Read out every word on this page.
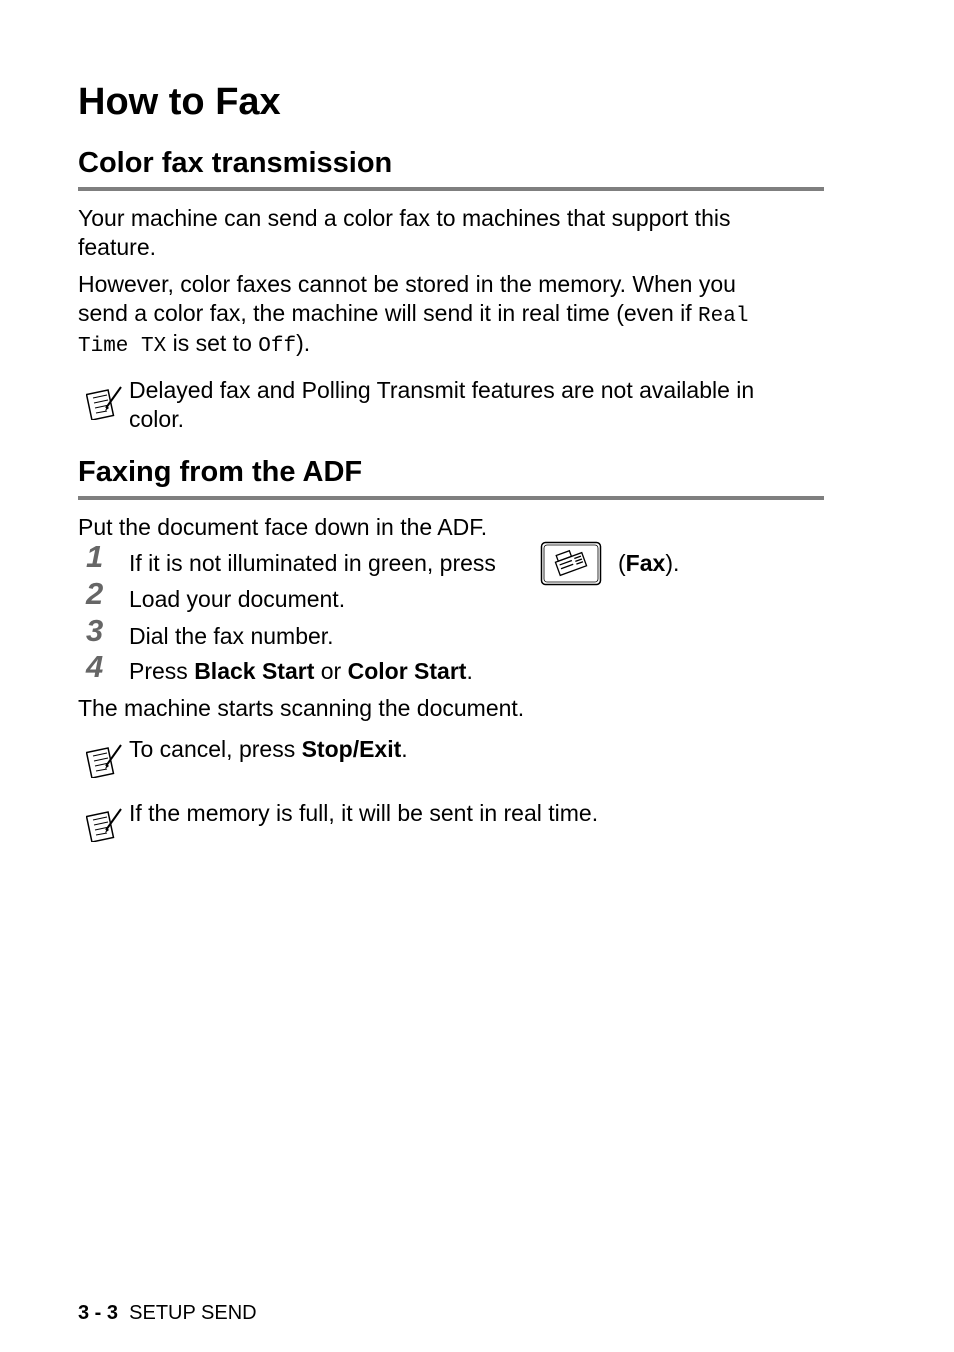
How to Fax
Color fax transmission
Your machine can send a color fax to machines that support this
feature.
However, color faxes cannot be stored in the memory. When you
send a color fax, the machine will send it in real time (even if Real
Time TX is set to Off).
Delayed fax and Polling Transmit features are not available in
color.
Faxing from the ADF
Put the document face down in the ADF.
1 If it is not illuminated in green, press	(Fax).
2 Load your document.
3 Dial the fax number.
4 Press Black Start or Color Start.
The machine starts scanning the document.
To cancel, press Stop/Exit.
If the memory is full, it will be sent in real time.
3 - 3 SETUP SEND
